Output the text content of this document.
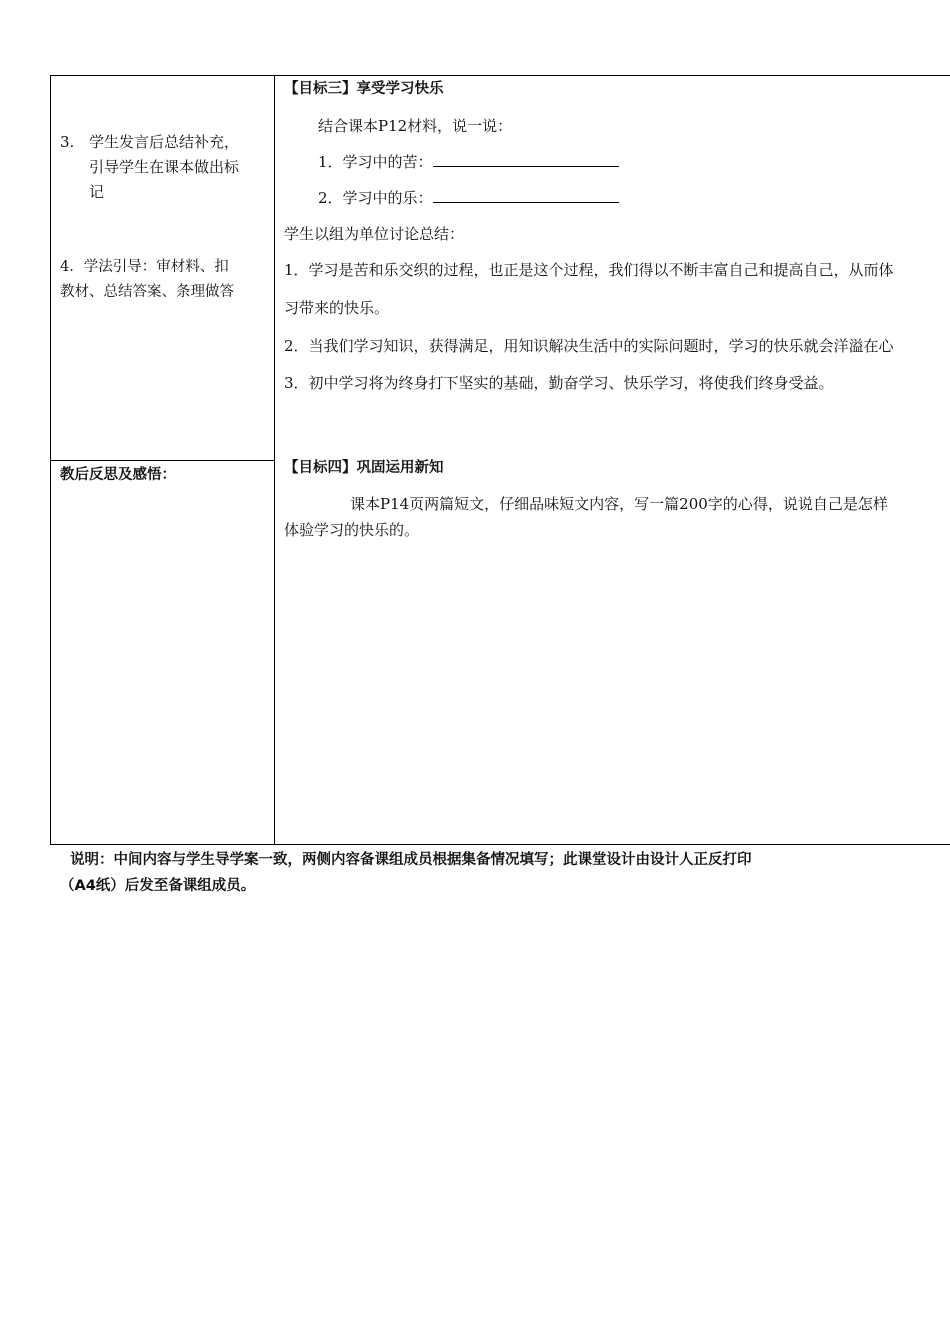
3. 学生发言后总结补充，
引导学生在课本做出标
记
4．学法引导：审材料、扣
教材、总结答案、条理做答
教后反思及感悟：
【目标三】享受学习快乐
结合课本P12材料，说一说：
1．学习中的苦：
2．学习中的乐：
学生以组为单位讨论总结：
1．学习是苦和乐交织的过程，也正是这个过程，我们得以不断丰富自己和提高自己，从而体
习带来的快乐。
2．当我们学习知识，获得满足，用知识解决生活中的实际问题时，学习的快乐就会洋溢在心
3．初中学习将为终身打下坚实的基础，勤奋学习、快乐学习，将使我们终身受益。
【目标四】巩固运用新知
课本P14页两篇短文，仔细品味短文内容，写一篇200字的心得，说说自己是怎样
体验学习的快乐的。
说明：中间内容与学生导学案一致，两侧内容备课组成员根据集备情况填写；此课堂设计由设计人正反打印
（A4纸）后发至备课组成员。
